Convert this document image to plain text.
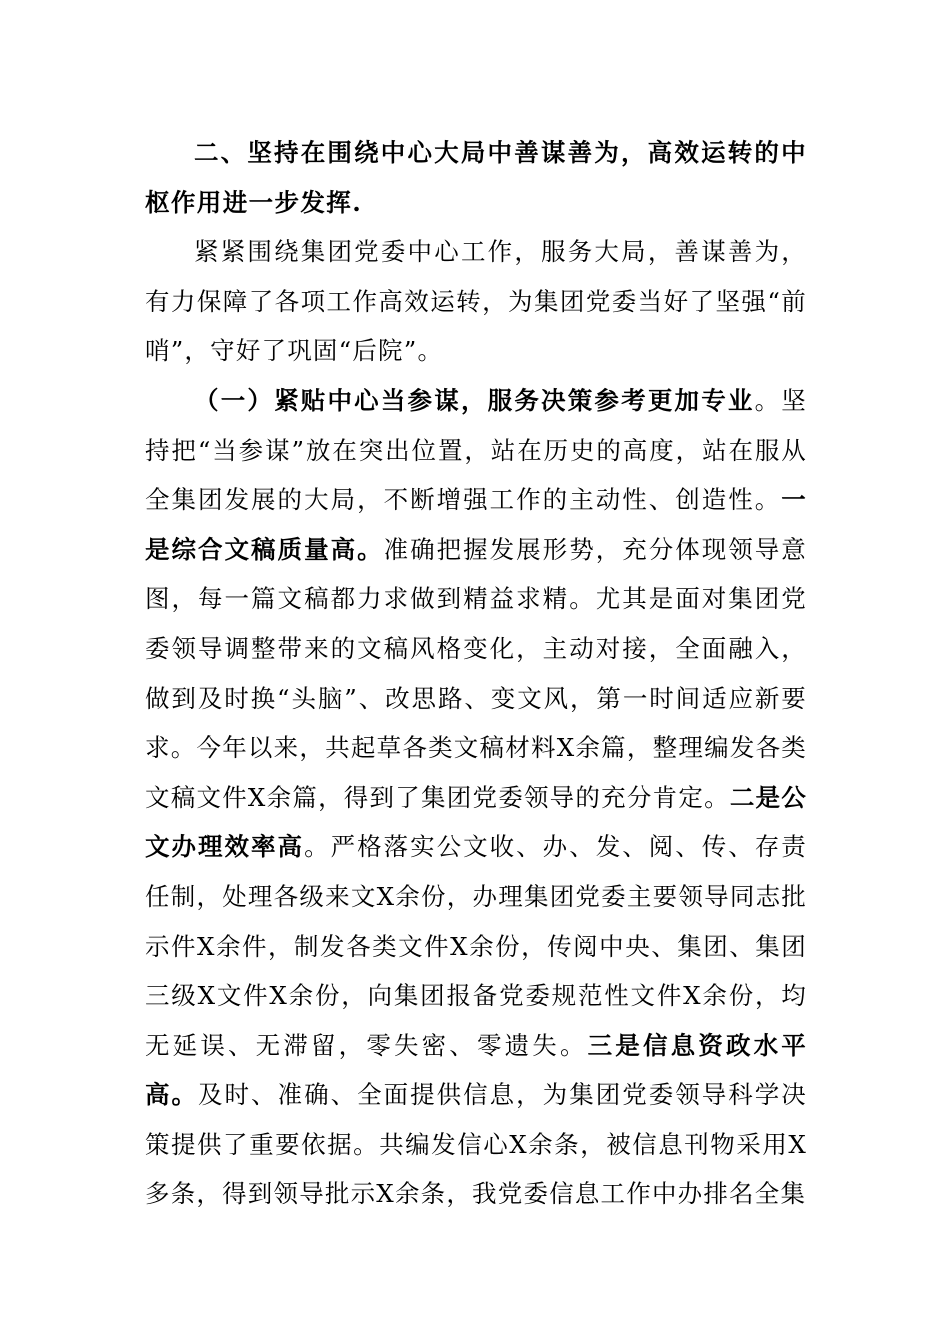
二、坚持在围绕中心大局中善谋善为，高效运转的中枢作用进一步发挥.

紧紧围绕集团党委中心工作，服务大局，善谋善为，有力保障了各项工作高效运转，为集团党委当好了坚强“前哨”，守好了巩固“后院”。

（一）紧贴中心当参谋，服务决策参考更加专业。坚持把“当参谋”放在突出位置，站在历史的高度，站在服从全集团发展的大局，不断增强工作的主动性、创造性。一是综合文稿质量高。准确把握发展形势，充分体现领导意图，每一篇文稿都力求做到精益求精。尤其是面对集团党委领导调整带来的文稿风格变化，主动对接，全面融入，做到及时换“头脑”、改思路、变文风，第一时间适应新要求。今年以来，共起草各类文稿材料X余篇，整理编发各类文稿文件X余篇，得到了集团党委领导的充分肯定。二是公文办理效率高。严格落实公文收、办、发、阅、传、存责任制，处理各级来文X余份，办理集团党委主要领导同志批示件X余件，制发各类文件X余份，传阅中央、集团、集团三级X文件X余份，向集团报备党委规范性文件X余份，均无延误、无滞留，零失密、零遗失。三是信息资政水平高。及时、准确、全面提供信息，为集团党委领导科学决策提供了重要依据。共编发信心X余条，被信息刊物采用X多条，得到领导批示X余条，我党委信息工作中办排名全集
